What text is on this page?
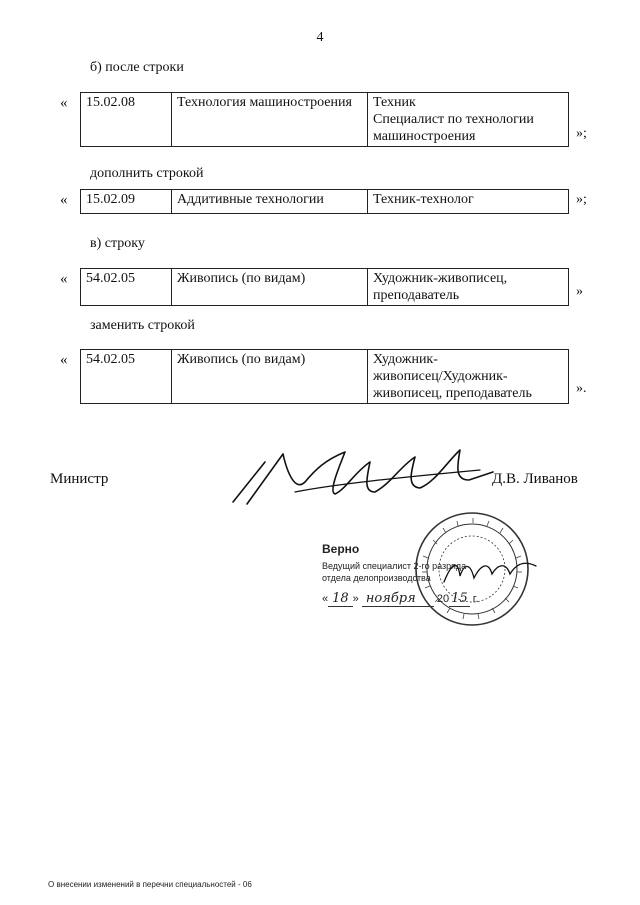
4
б) после строки
« 15.02.08	Технология машиностроения	Техник
Специалист по технологии
машиностроения	»;
дополнить строкой
« 15.02.09	Аддитивные технологии	Техник-технолог	»;
в) строку
« 54.02.05	Живопись (по видам)	Художник-живописец,
преподаватель	»
заменить строкой
« 54.02.05	Живопись (по видам)	Художник-
живописец/Художник-
живописец, преподаватель	».
Министр	Д.В. Ливанов
Верно
Ведущий специалист 2-го разряда
отдела делопроизводства
« 18 » ноября 20 15 г.
О внесении изменений в перечни специальностей - 06
